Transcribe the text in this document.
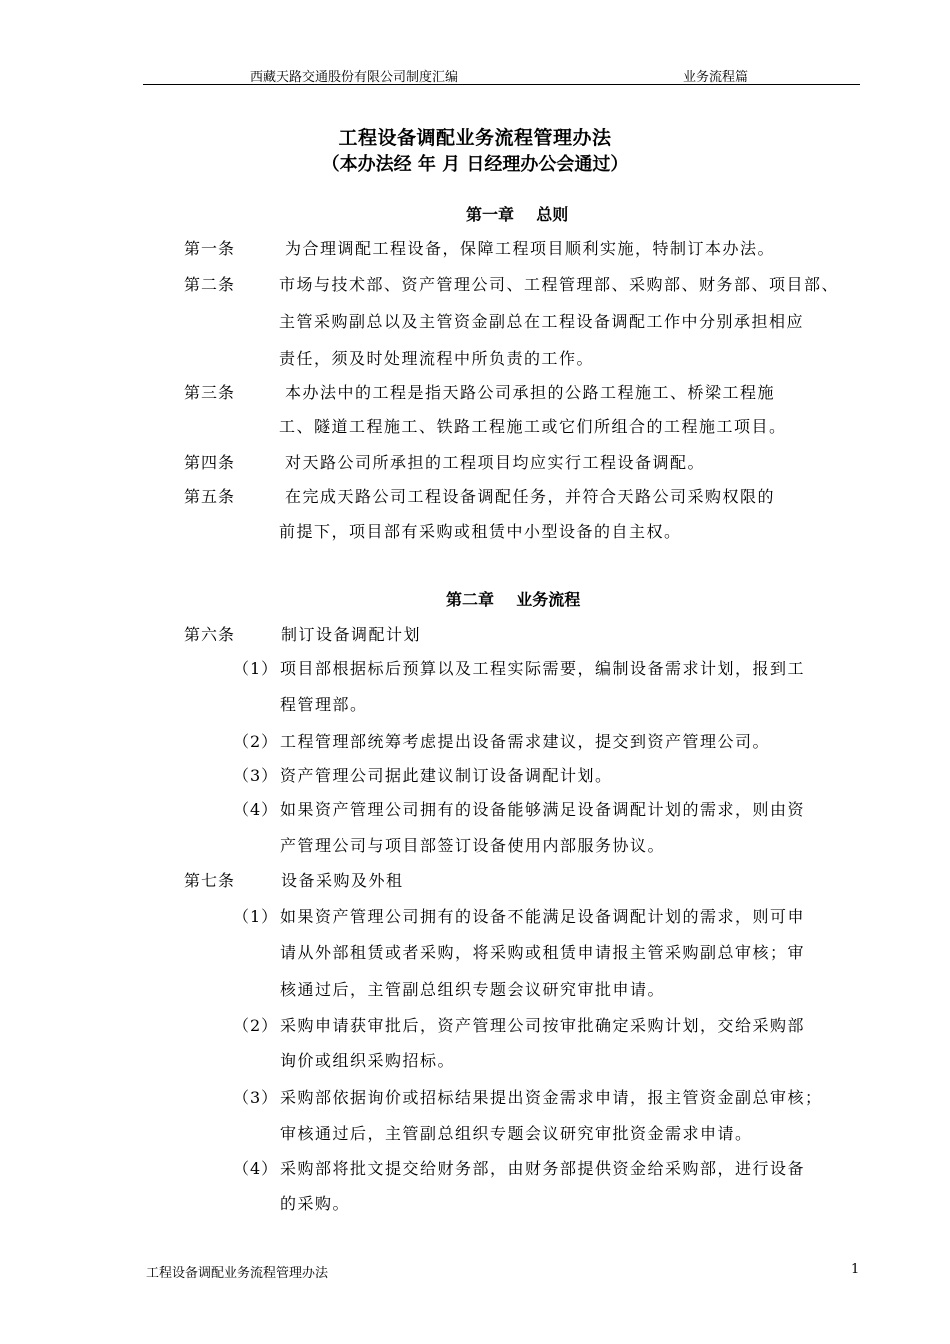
西藏天路交通股份有限公司制度汇编	业务流程篇
工程设备调配业务流程管理办法
（本办法经 年 月 日经理办公会通过）
第一章    总则
第一条	为合理调配工程设备，保障工程项目顺利实施，特制订本办法。
第二条	市场与技术部、资产管理公司、工程管理部、采购部、财务部、项目部、
主管采购副总以及主管资金副总在工程设备调配工作中分别承担相应
责任，须及时处理流程中所负责的工作。
第三条	本办法中的工程是指天路公司承担的公路工程施工、桥梁工程施
工、隧道工程施工、铁路工程施工或它们所组合的工程施工项目。
第四条	对天路公司所承担的工程项目均应实行工程设备调配。
第五条	在完成天路公司工程设备调配任务，并符合天路公司采购权限的
前提下，项目部有采购或租赁中小型设备的自主权。
第二章    业务流程
第六条	制订设备调配计划
（1） 项目部根据标后预算以及工程实际需要，编制设备需求计划，报到工
程管理部。
（2） 工程管理部统筹考虑提出设备需求建议，提交到资产管理公司。
（3） 资产管理公司据此建议制订设备调配计划。
（4） 如果资产管理公司拥有的设备能够满足设备调配计划的需求，则由资
产管理公司与项目部签订设备使用内部服务协议。
第七条	设备采购及外租
（1） 如果资产管理公司拥有的设备不能满足设备调配计划的需求，则可申
请从外部租赁或者采购，将采购或租赁申请报主管采购副总审核；审
核通过后，主管副总组织专题会议研究审批申请。
（2） 采购申请获审批后，资产管理公司按审批确定采购计划，交给采购部
询价或组织采购招标。
（3） 采购部依据询价或招标结果提出资金需求申请，报主管资金副总审核；
审核通过后，主管副总组织专题会议研究审批资金需求申请。
（4） 采购部将批文提交给财务部，由财务部提供资金给采购部，进行设备
的采购。
工程设备调配业务流程管理办法	1
